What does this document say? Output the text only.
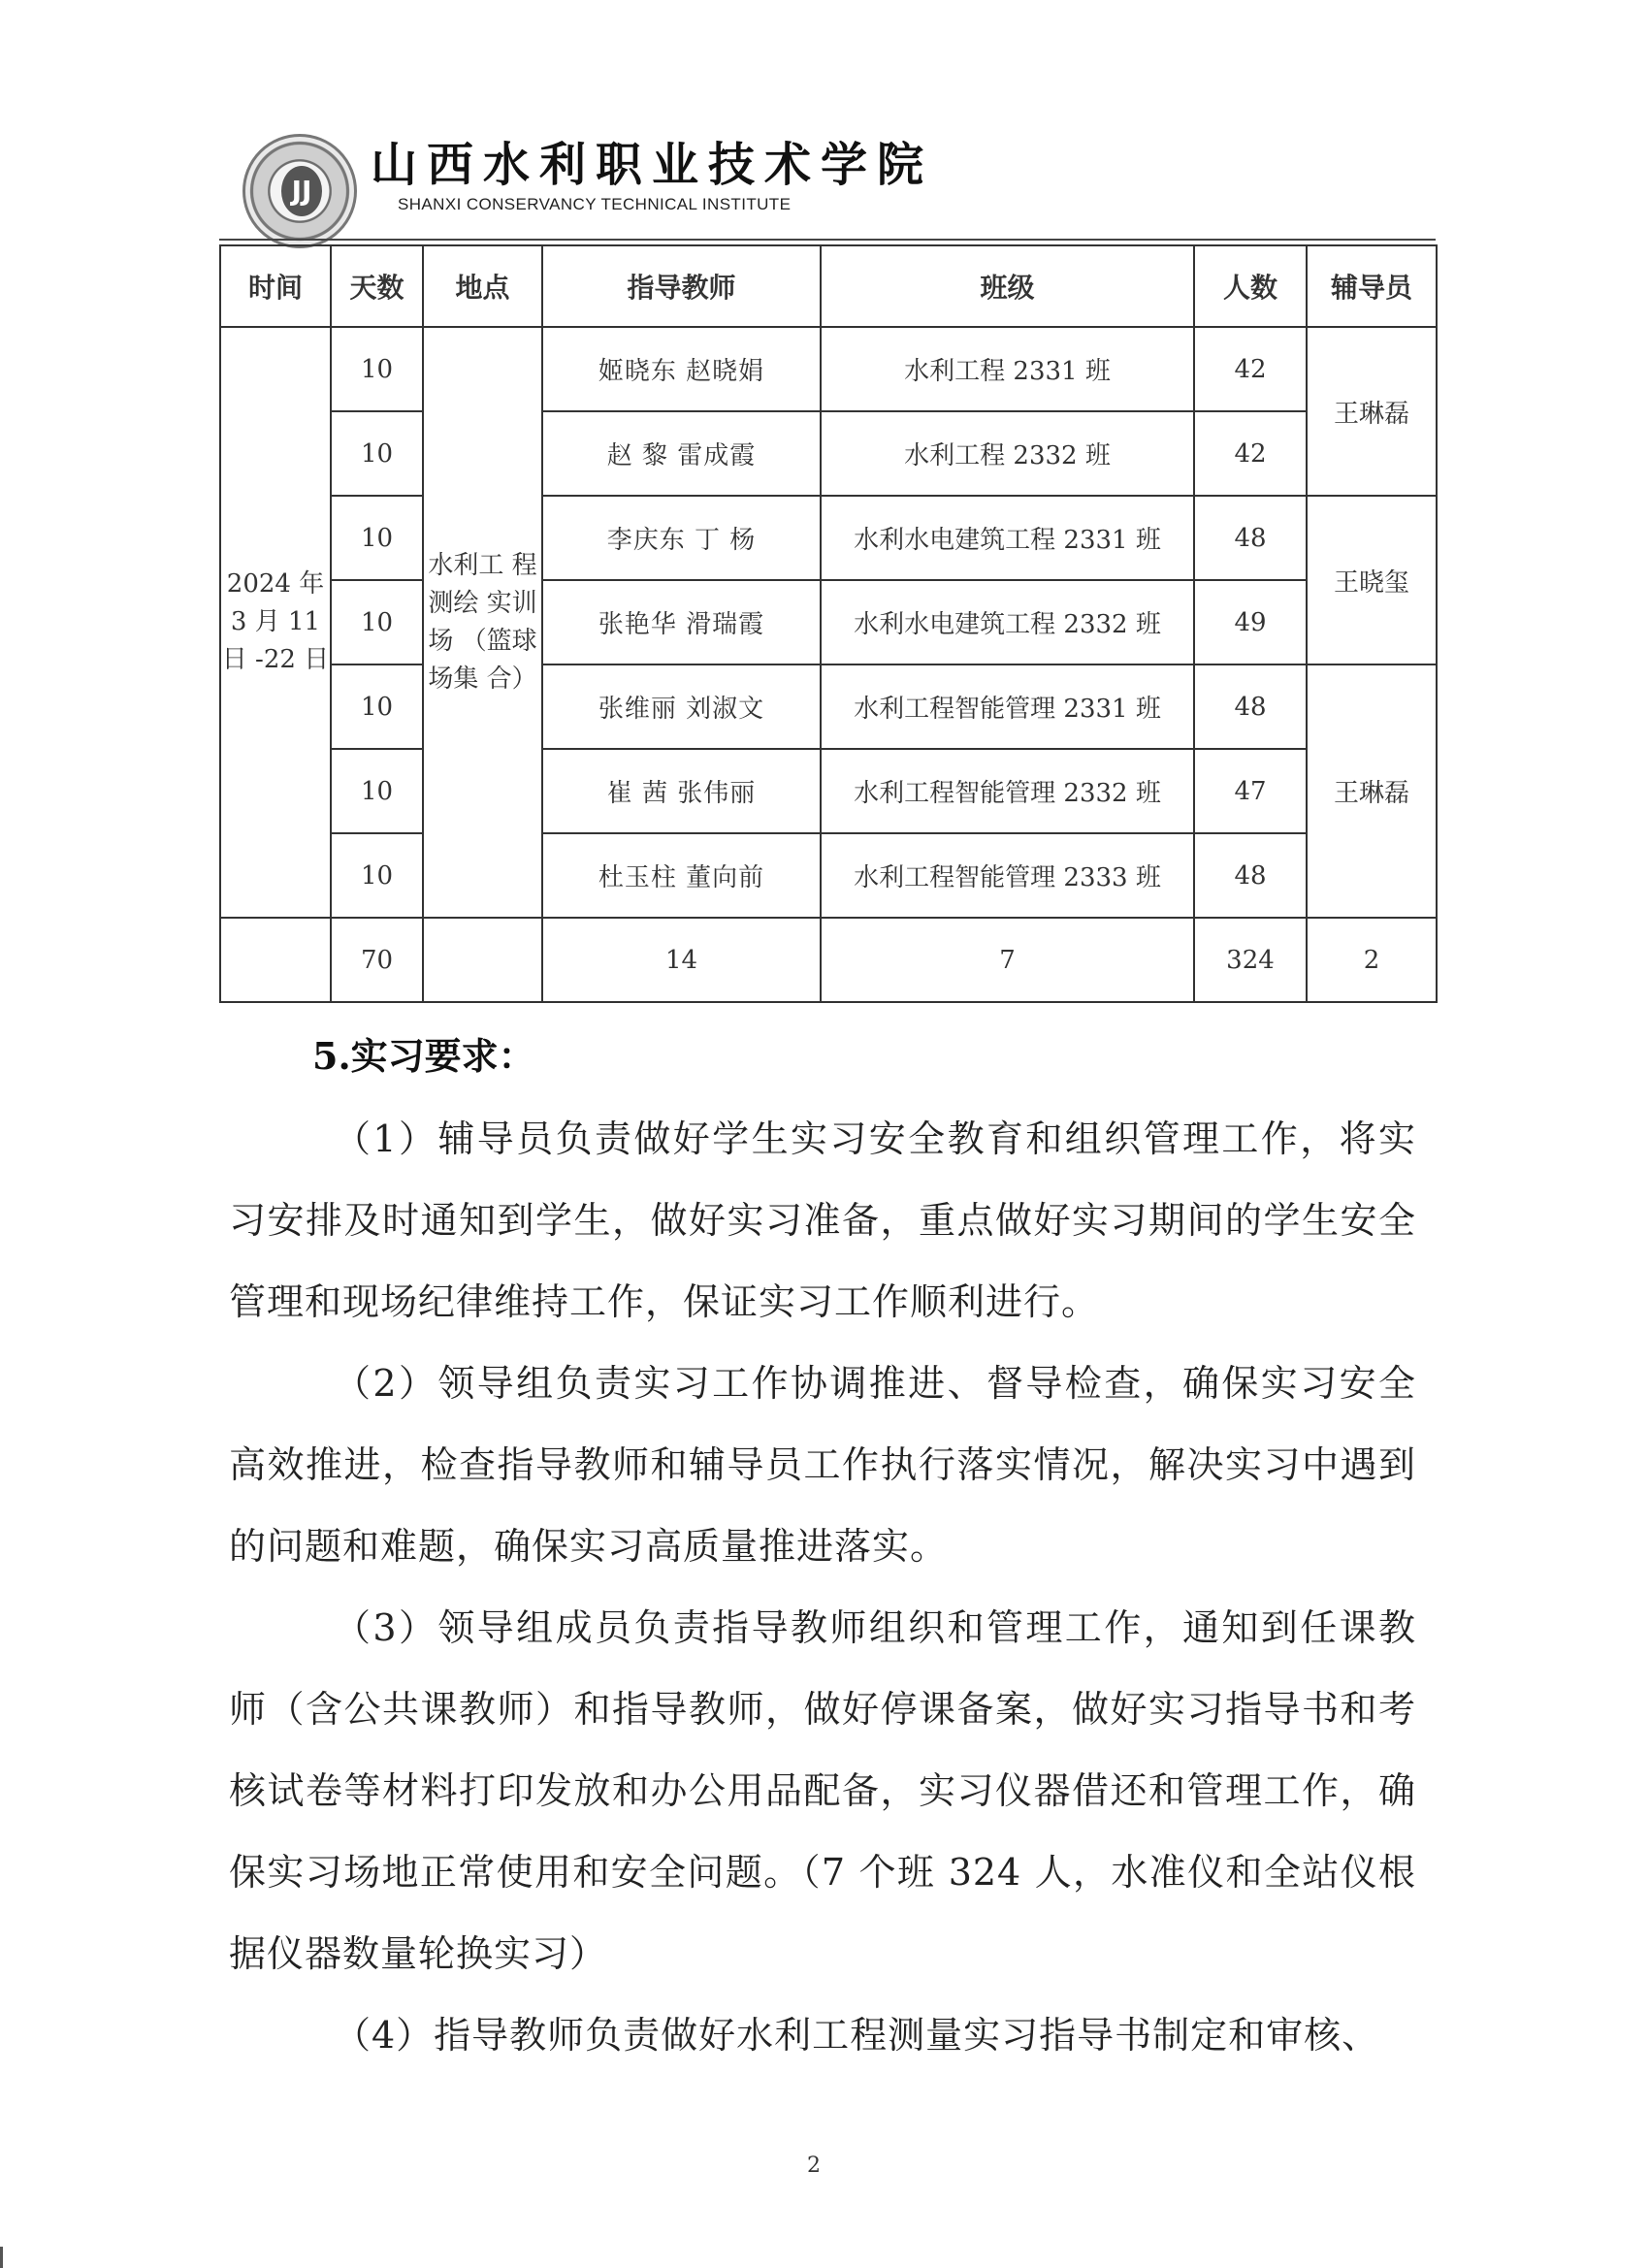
JJ 山西水利职业技术学院
SHANXI CONSERVANCY TECHNICAL INSTITUTE
时间	天数	地点	指导教师	班级	人数	辅导员
2024 年 3 月 11 日 -22 日	10	水利工 程测绘 实训场 （篮球 场集 合）	姬晓东 赵晓娟	水利工程 2331 班	42	王琳磊
	10		赵 黎 雷成霞	水利工程 2332 班	42	
	10		李庆东 丁 杨	水利水电建筑工程 2331 班	48	王晓玺
	10		张艳华 滑瑞霞	水利水电建筑工程 2332 班	49	
	10		张维丽 刘淑文	水利工程智能管理 2331 班	48	王琳磊
	10		崔 茜 张伟丽	水利工程智能管理 2332 班	47	
	10		杜玉柱 董向前	水利工程智能管理 2333 班	48	
	70		14	7	324	2
5.实习要求：

（1）辅导员负责做好学生实习安全教育和组织管理工作，将实习安排及时通知到学生，做好实习准备，重点做好实习期间的学生安全管理和现场纪律维持工作，保证实习工作顺利进行。

（2）领导组负责实习工作协调推进、督导检查，确保实习安全高效推进，检查指导教师和辅导员工作执行落实情况，解决实习中遇到的问题和难题，确保实习高质量推进落实。

（3）领导组成员负责指导教师组织和管理工作，通知到任课教师（含公共课教师）和指导教师，做好停课备案，做好实习指导书和考核试卷等材料打印发放和办公用品配备，实习仪器借还和管理工作，确保实习场地正常使用和安全问题。（7 个班 324 人，水准仪和全站仪根据仪器数量轮换实习）

（4）指导教师负责做好水利工程测量实习指导书制定和审核、

2
